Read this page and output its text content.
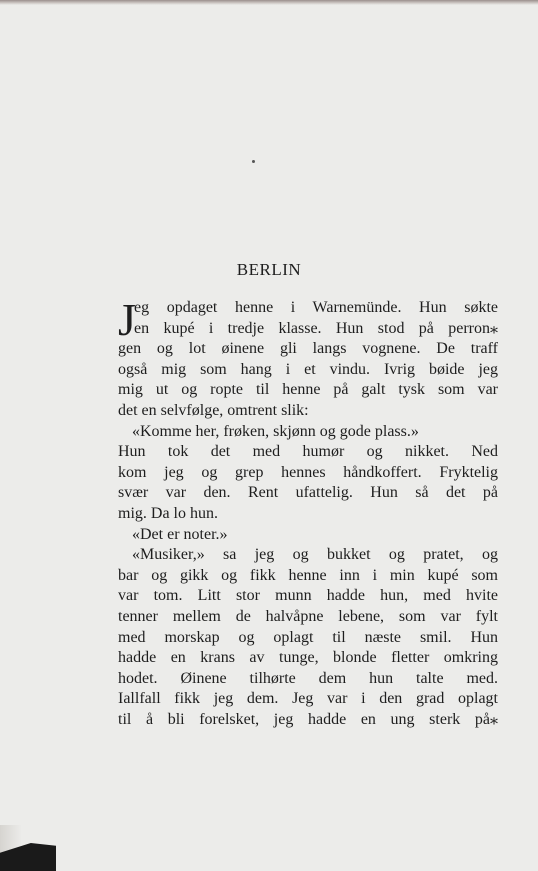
BERLIN
J
eg opdaget henne i Warnemünde. Hun søkte
en kupé i tredje klasse. Hun stod på perron⁎
gen og lot øinene gli langs vognene. De traff
også mig som hang i et vindu. Ivrig bøide jeg
mig ut og ropte til henne på galt tysk som var
det en selvfølge, omtrent slik:
«Komme her, frøken, skjønn og gode plass.»
Hun tok det med humør og nikket. Ned
kom jeg og grep hennes håndkoffert. Fryktelig
svær var den. Rent ufattelig. Hun så det på
mig. Da lo hun.
«Det er noter.»
«Musiker,» sa jeg og bukket og pratet, og
bar og gikk og fikk henne inn i min kupé som
var tom. Litt stor munn hadde hun, med hvite
tenner mellem de halvåpne lebene, som var fylt
med morskap og oplagt til næste smil. Hun
hadde en krans av tunge, blonde fletter omkring
hodet. Øinene tilhørte dem hun talte med.
Iallfall fikk jeg dem. Jeg var i den grad oplagt
til å bli forelsket, jeg hadde en ung sterk på⁎
